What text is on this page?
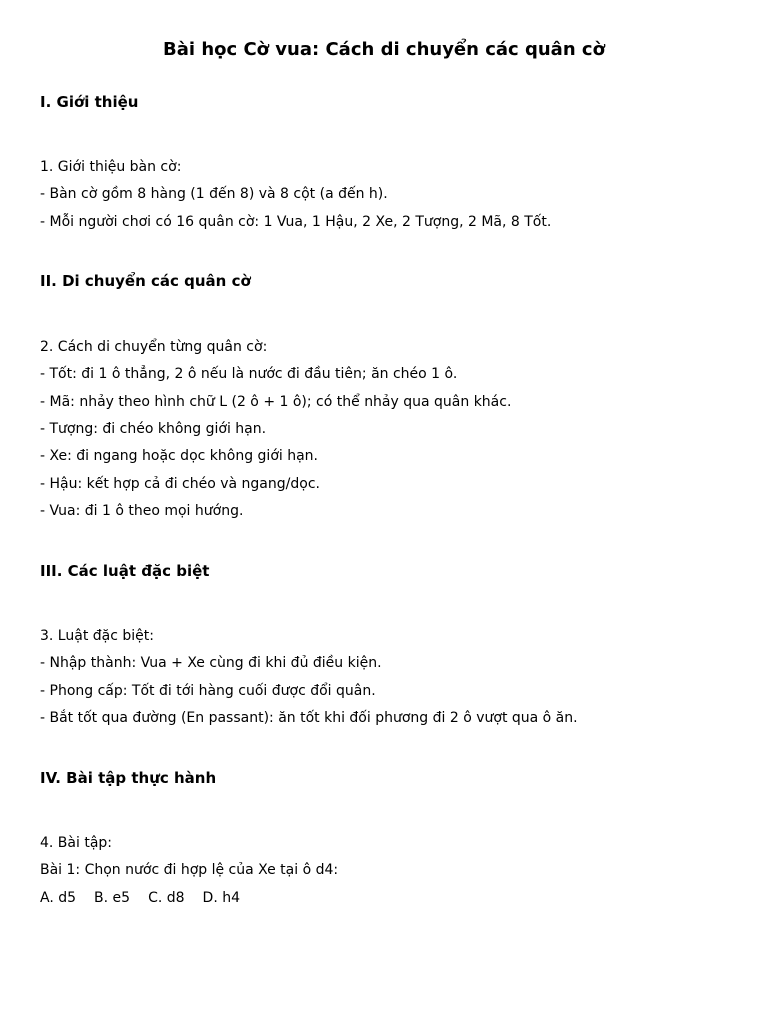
Bài học Cờ vua: Cách di chuyển các quân cờ
I. Giới thiệu
1. Giới thiệu bàn cờ:
- Bàn cờ gồm 8 hàng (1 đến 8) và 8 cột (a đến h).
- Mỗi người chơi có 16 quân cờ: 1 Vua, 1 Hậu, 2 Xe, 2 Tượng, 2 Mã, 8 Tốt.
II. Di chuyển các quân cờ
2. Cách di chuyển từng quân cờ:
- Tốt: đi 1 ô thẳng, 2 ô nếu là nước đi đầu tiên; ăn chéo 1 ô.
- Mã: nhảy theo hình chữ L (2 ô + 1 ô); có thể nhảy qua quân khác.
- Tượng: đi chéo không giới hạn.
- Xe: đi ngang hoặc dọc không giới hạn.
- Hậu: kết hợp cả đi chéo và ngang/dọc.
- Vua: đi 1 ô theo mọi hướng.
III. Các luật đặc biệt
3. Luật đặc biệt:
- Nhập thành: Vua + Xe cùng đi khi đủ điều kiện.
- Phong cấp: Tốt đi tới hàng cuối được đổi quân.
- Bắt tốt qua đường (En passant): ăn tốt khi đối phương đi 2 ô vượt qua ô ăn.
IV. Bài tập thực hành
4. Bài tập:
Bài 1: Chọn nước đi hợp lệ của Xe tại ô d4:
A. d5 B. e5 C. d8 D. h4
